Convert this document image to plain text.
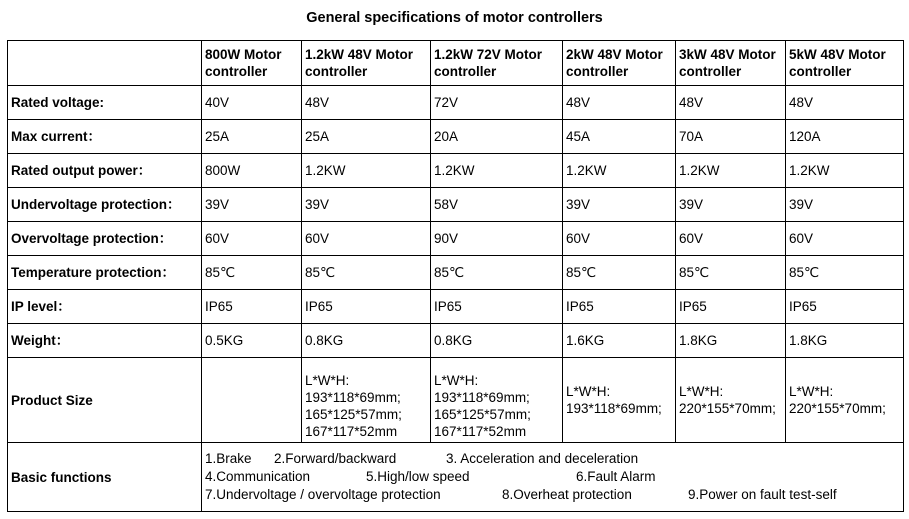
General specifications of motor controllers

	800W Motor
controller	1.2kW 48V Motor
controller	1.2kW 72V Motor
controller	2kW 48V Motor
controller	3kW 48V Motor
controller	5kW 48V Motor
controller

Rated voltage:	40V	48V	72V	48V	48V	48V
Max current：	25A	25A	20A	45A	70A	120A
Rated output power：	800W	1.2KW	1.2KW	1.2KW	1.2KW	1.2KW
Undervoltage protection：	39V	39V	58V	39V	39V	39V
Overvoltage protection：	60V	60V	90V	60V	60V	60V
Temperature protection：	85℃	85℃	85℃	85℃	85℃	85℃
IP level：	IP65	IP65	IP65	IP65	IP65	IP65
Weight：	0.5KG	0.8KG	0.8KG	1.6KG	1.8KG	1.8KG
Product Size		L*W*H:
193*118*69mm;
165*125*57mm;
167*117*52mm	L*W*H:
193*118*69mm;
165*125*57mm;
167*117*52mm	L*W*H:
193*118*69mm;	L*W*H:
220*155*70mm;	L*W*H:
220*155*70mm;

Basic functions	1.Brake 2.Forward/backward 3. Acceleration and deceleration
4.Communication 5.High/low speed 6.Fault Alarm
7.Undervoltage / overvoltage protection 8.Overheat protection 9.Power on fault test-self					
